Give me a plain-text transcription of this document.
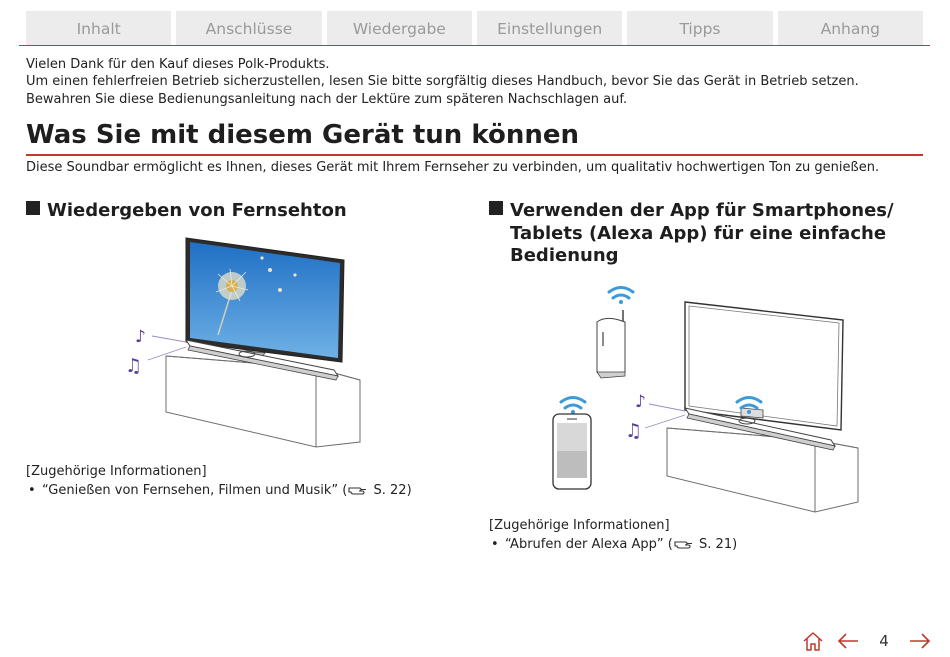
Inhalt	Anschlüsse	Wiedergabe	Einstellungen	Tipps	Anhang

Vielen Dank für den Kauf dieses Polk-Produkts.

Um einen fehlerfreien Betrieb sicherzustellen, lesen Sie bitte sorgfältig dieses Handbuch, bevor Sie das Gerät in Betrieb setzen.

Bewahren Sie diese Bedienungsanleitung nach der Lektüre zum späteren Nachschlagen auf.

Was Sie mit diesem Gerät tun können

Diese Soundbar ermöglicht es Ihnen, dieses Gerät mit Ihrem Fernseher zu verbinden, um qualitativ hochwertigen Ton zu genießen.

Wiedergeben von Fernsehton	Verwenden der App für Smartphones/
Tablets (Alexa App) für eine einfache
Bedienung
♪
♫
♪
♫

[Zugehörige Informationen]

• “Genießen von Fernsehen, Filmen und Musik” ( S. 22)

[Zugehörige Informationen]

• “Abrufen der Alexa App” ( S. 21)

4
